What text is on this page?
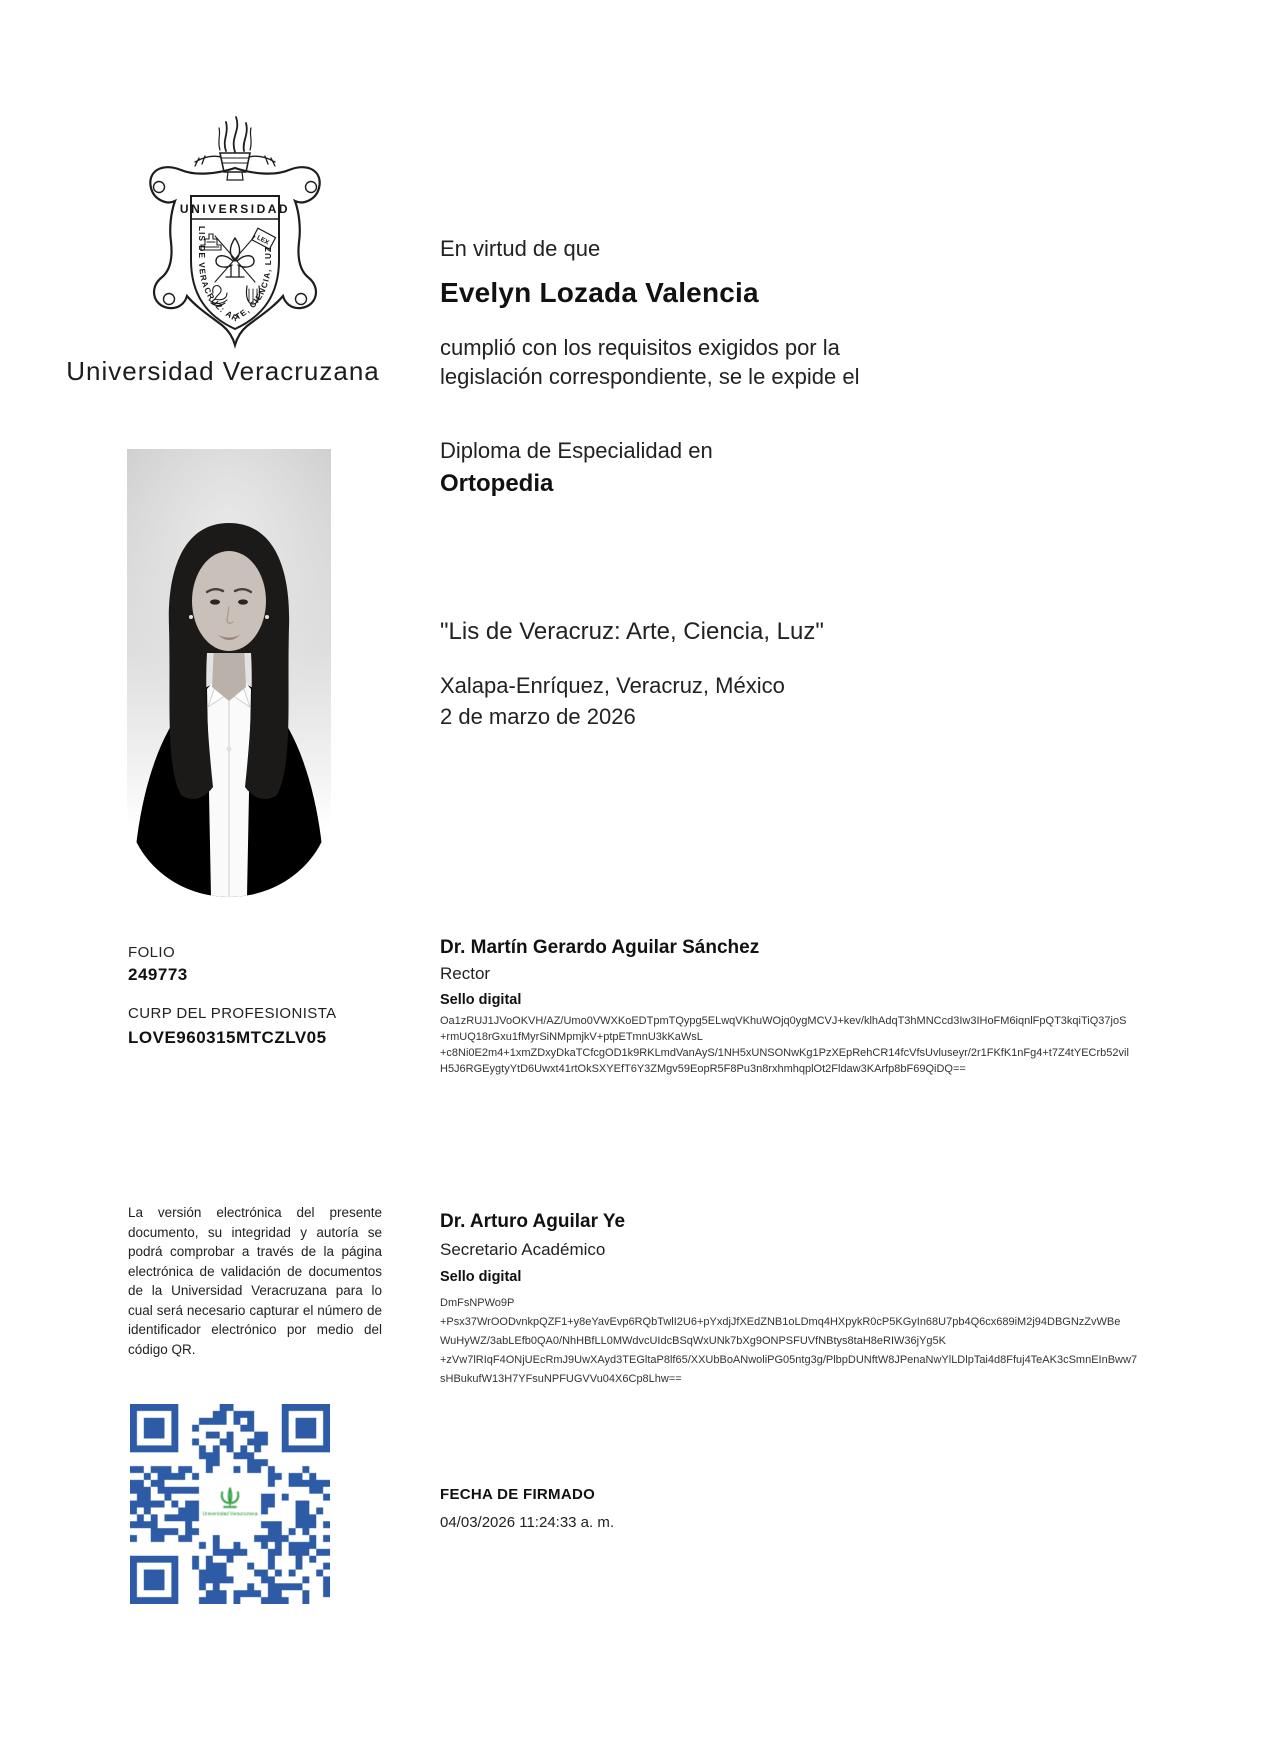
UNIVERSIDAD
LEX
LIS DE VERACRUZ: ARTE, CIENCIA, LUZ
Universidad Veracruzana
En virtud de que
Evelyn Lozada Valencia
cumplió con los requisitos exigidos por la legislación correspondiente, se le expide el
Diploma de Especialidad en
Ortopedia
"Lis de Veracruz: Arte, Ciencia, Luz"
Xalapa-Enríquez, Veracruz, México
2 de marzo de 2026
FOLIO
249773
CURP DEL PROFESIONISTA
LOVE960315MTCZLV05
Dr. Martín Gerardo Aguilar Sánchez
Rector
Sello digital
Oa1zRUJ1JVoOKVH/AZ/Umo0VWXKoEDTpmTQypg5ELwqVKhuWOjq0ygMCVJ+kev/klhAdqT3hMNCcd3Iw3IHoFM6iqnlFpQT3kqiTiQ37joS
+rmUQ18rGxu1fMyrSiNMpmjkV+ptpETmnU3kKaWsL
+c8Ni0E2m4+1xmZDxyDkaTCfcgOD1k9RKLmdVanAyS/1NH5xUNSONwKg1PzXEpRehCR14fcVfsUvluseyr/2r1FKfK1nFg4+t7Z4tYECrb52vil
H5J6RGEygtyYtD6Uwxt41rtOkSXYEfT6Y3ZMgv59EopR5F8Pu3n8rxhmhqplOt2Fldaw3KArfp8bF69QiDQ==
La versión electrónica del presente documento, su integridad y autoría se podrá comprobar a través de la página electrónica de validación de documentos de la Universidad Veracruzana para lo cual será necesario capturar el número de identificador electrónico por medio del código QR.
Dr. Arturo Aguilar Ye
Secretario Académico
Sello digital
DmFsNPWo9P
+Psx37WrOODvnkpQZF1+y8eYavEvp6RQbTwlI2U6+pYxdjJfXEdZNB1oLDmq4HXpykR0cP5KGyIn68U7pb4Q6cx689iM2j94DBGNzZvWBe
WuHyWZ/3abLEfb0QA0/NhHBfLL0MWdvcUIdcBSqWxUNk7bXg9ONPSFUVfNBtys8taH8eRIW36jYg5K
+zVw7lRIqF4ONjUEcRmJ9UwXAyd3TEGltaP8lf65/XXUbBoANwoliPG05ntg3g/PlbpDUNftW8JPenaNwYlLDlpTai4d8Ffuj4TeAK3cSmnEInBww7
sHBukufW13H7YFsuNPFUGVVu04X6Cp8Lhw==
FECHA DE FIRMADO
04/03/2026 11:24:33 a. m.
